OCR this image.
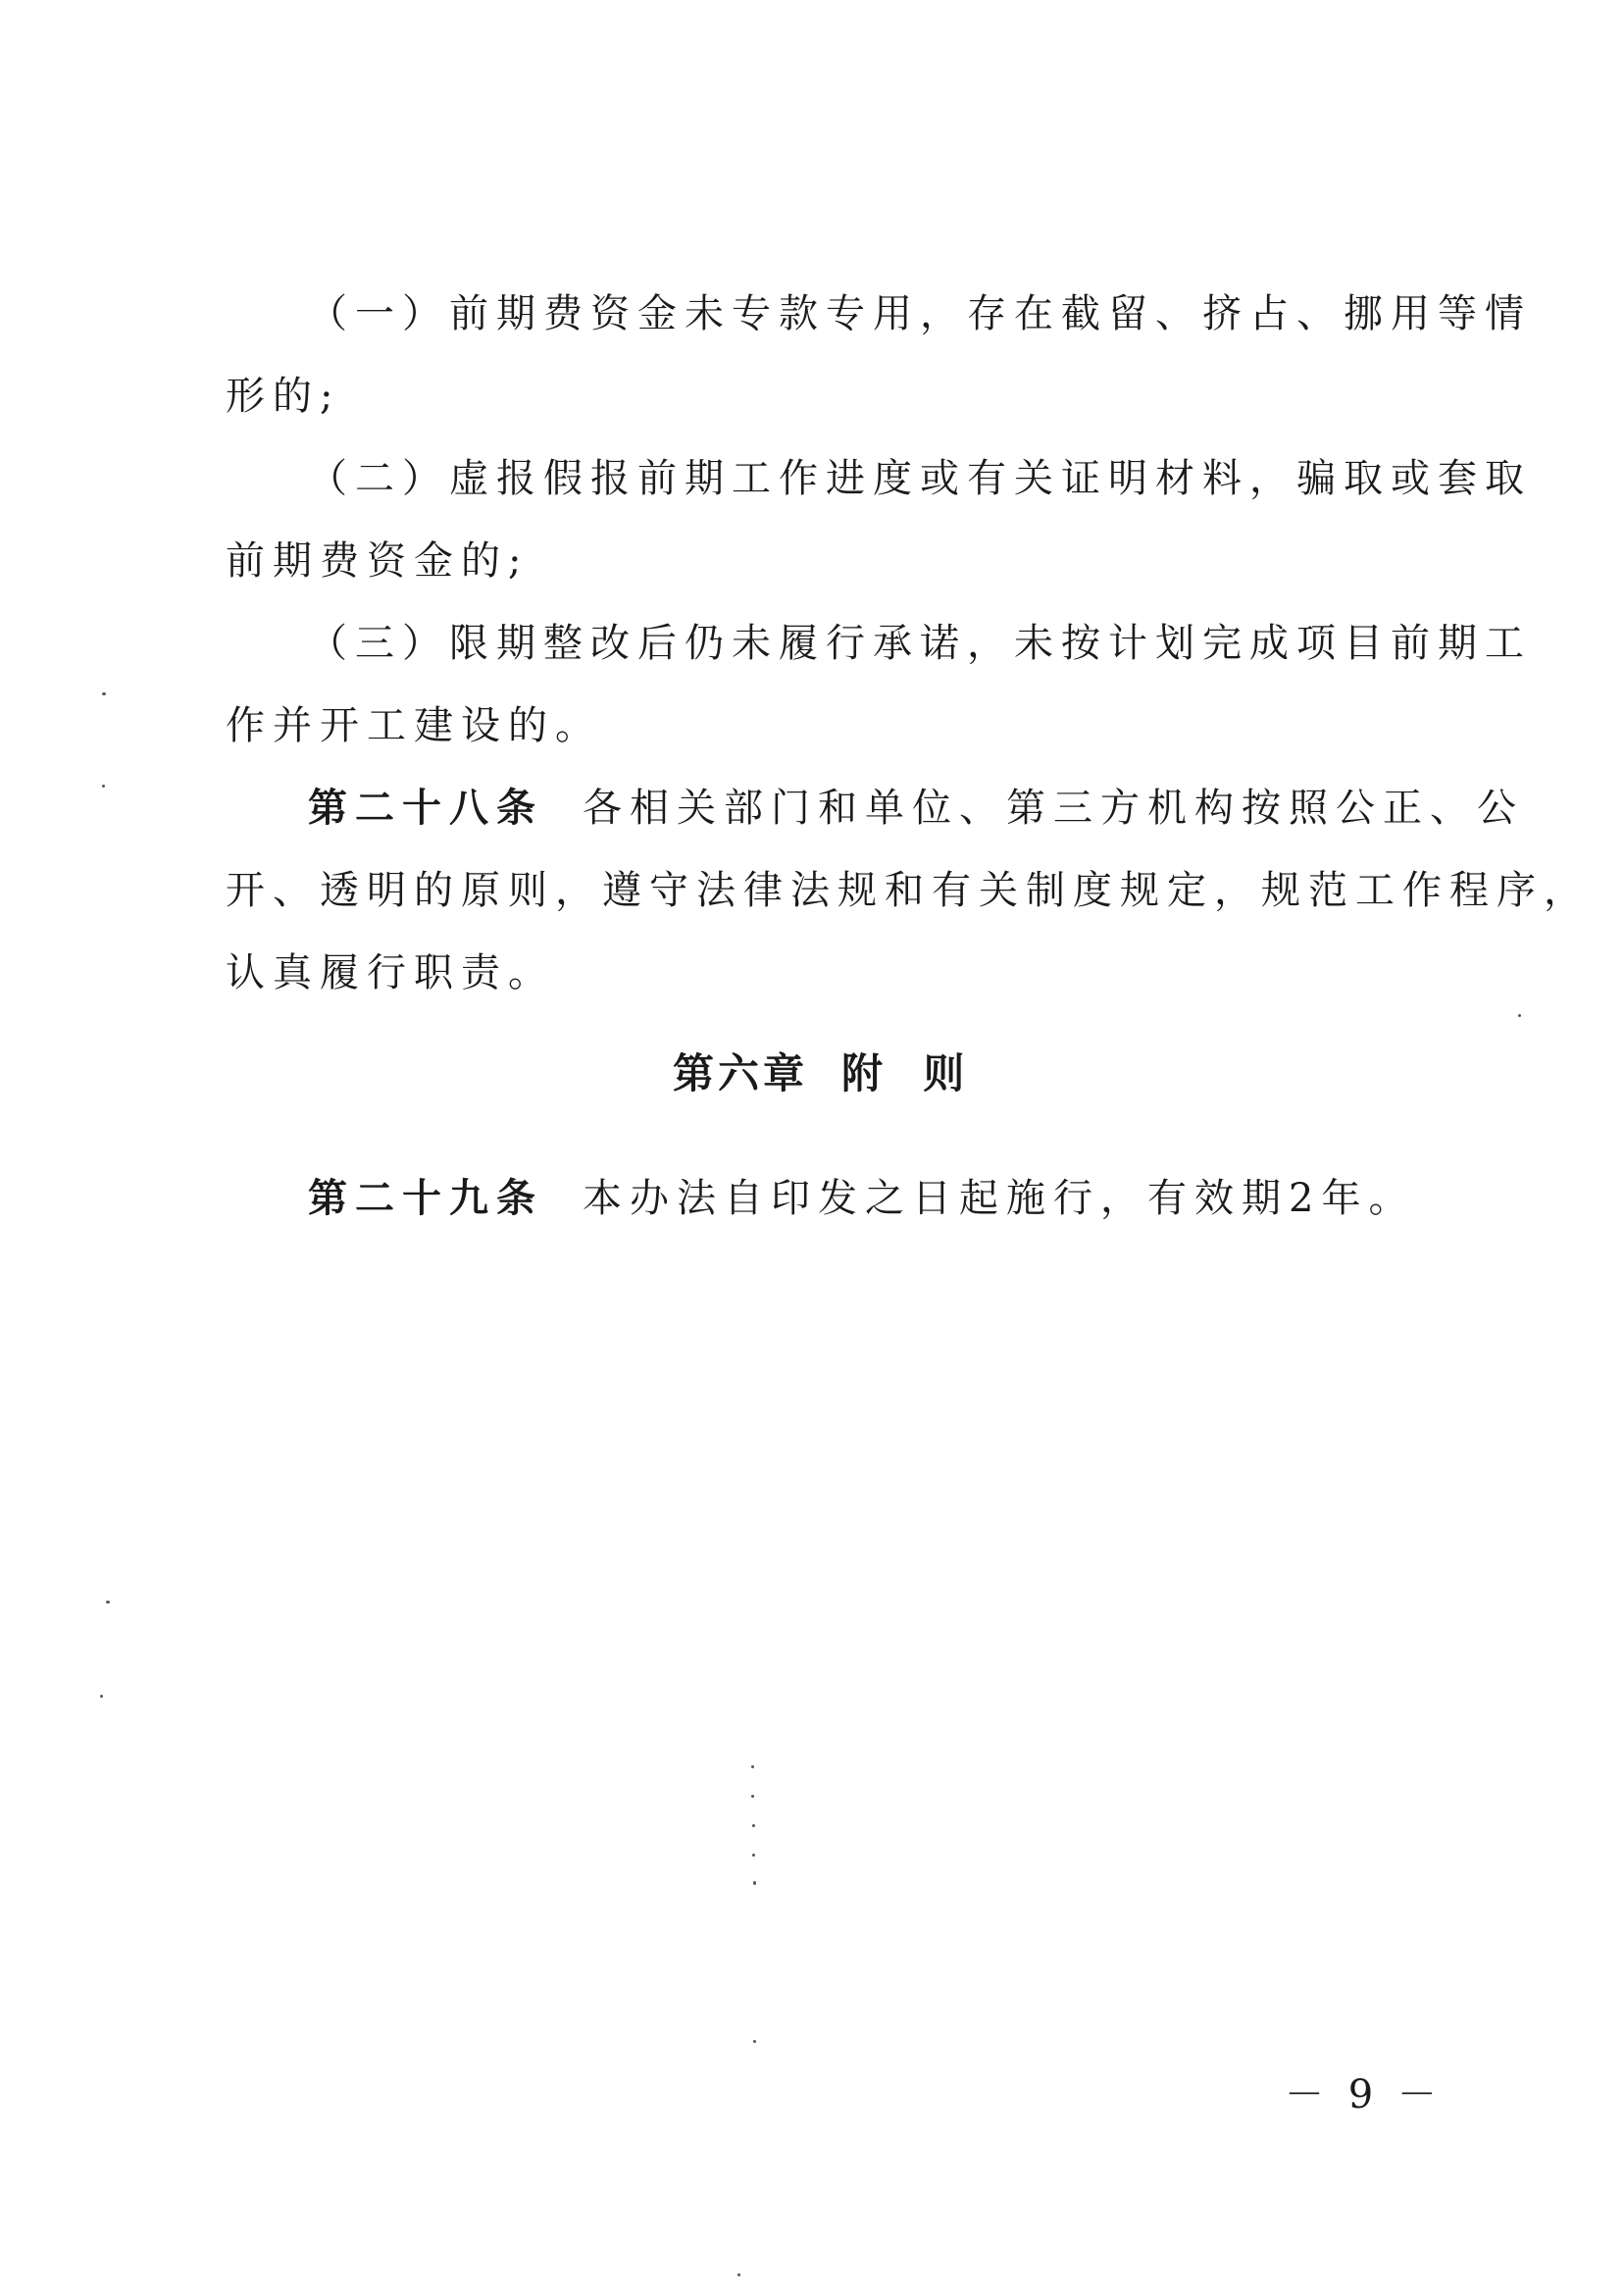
（一）前期费资金未专款专用，存在截留、挤占、挪用等情
形的;
（二）虚报假报前期工作进度或有关证明材料，骗取或套取
前期费资金的;
（三）限期整改后仍未履行承诺，未按计划完成项目前期工
作并开工建设的。
第二十八条 各相关部门和单位、第三方机构按照公正、公
开、透明的原则，遵守法律法规和有关制度规定，规范工作程序，
认真履行职责。
第六章 附  则
第二十九条 本办法自印发之日起施行，有效期2年。
－ 9 －
